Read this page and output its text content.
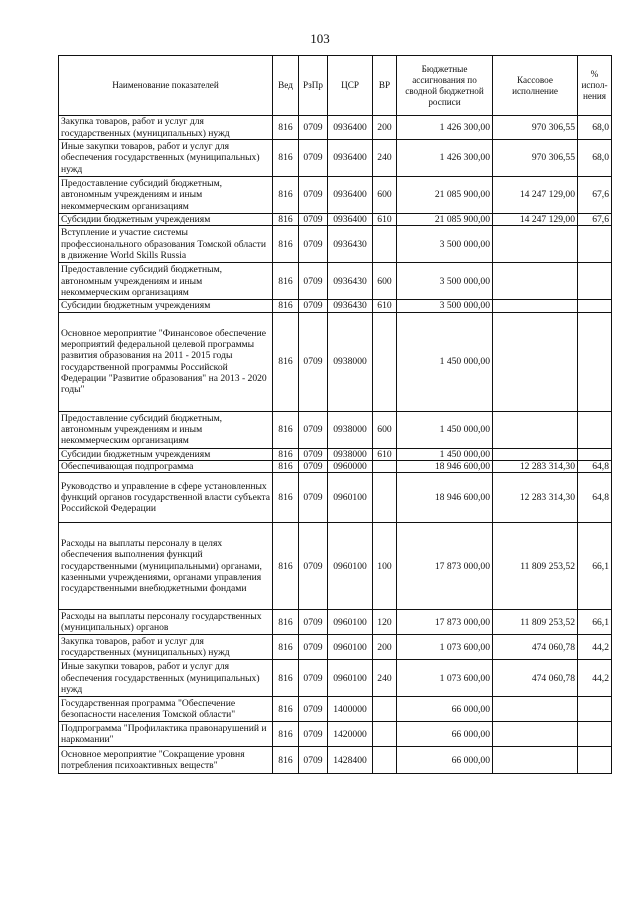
103
Наименование показателей	Вед	РзПр	ЦСР	ВР	Бюджетные ассигнования по сводной бюджетной росписи	Кассовое исполнение	% испол-нения
Закупка товаров, работ и услуг для государственных (муниципальных) нужд	816	0709	0936400	200	1 426 300,00	970 306,55	68,0
Иные закупки товаров, работ и услуг для обеспечения государственных (муниципальных) нужд	816	0709	0936400	240	1 426 300,00	970 306,55	68,0
Предоставление субсидий бюджетным, автономным учреждениям и иным некоммерческим организациям	816	0709	0936400	600	21 085 900,00	14 247 129,00	67,6
Субсидии бюджетным учреждениям	816	0709	0936400	610	21 085 900,00	14 247 129,00	67,6
Вступление и участие системы профессионального образования Томской области в движение World Skills Russia	816	0709	0936430		3 500 000,00		
Предоставление субсидий бюджетным, автономным учреждениям и иным некоммерческим организациям	816	0709	0936430	600	3 500 000,00		
Субсидии бюджетным учреждениям	816	0709	0936430	610	3 500 000,00		
Основное мероприятие "Финансовое обеспечение мероприятий федеральной целевой программы развития образования на 2011 - 2015 годы государственной программы Российской Федерации "Развитие образования" на 2013 - 2020 годы"	816	0709	0938000		1 450 000,00		
Предоставление субсидий бюджетным, автономным учреждениям и иным некоммерческим организациям	816	0709	0938000	600	1 450 000,00		
Субсидии бюджетным учреждениям	816	0709	0938000	610	1 450 000,00		
Обеспечивающая подпрограмма	816	0709	0960000		18 946 600,00	12 283 314,30	64,8
Руководство и управление в сфере установленных функций органов государственной власти субъекта Российской Федерации	816	0709	0960100		18 946 600,00	12 283 314,30	64,8
Расходы на выплаты персоналу в целях обеспечения выполнения функций государственными (муниципальными) органами, казенными учреждениями, органами управления государственными внебюджетными фондами	816	0709	0960100	100	17 873 000,00	11 809 253,52	66,1
Расходы на выплаты персоналу государственных (муниципальных) органов	816	0709	0960100	120	17 873 000,00	11 809 253,52	66,1
Закупка товаров, работ и услуг для государственных (муниципальных) нужд	816	0709	0960100	200	1 073 600,00	474 060,78	44,2
Иные закупки товаров, работ и услуг для обеспечения государственных (муниципальных) нужд	816	0709	0960100	240	1 073 600,00	474 060,78	44,2
Государственная программа "Обеспечение безопасности населения Томской области"	816	0709	1400000		66 000,00		
Подпрограмма "Профилактика правонарушений и наркомании"	816	0709	1420000		66 000,00		
Основное мероприятие "Сокращение уровня потребления психоактивных веществ"	816	0709	1428400		66 000,00		
